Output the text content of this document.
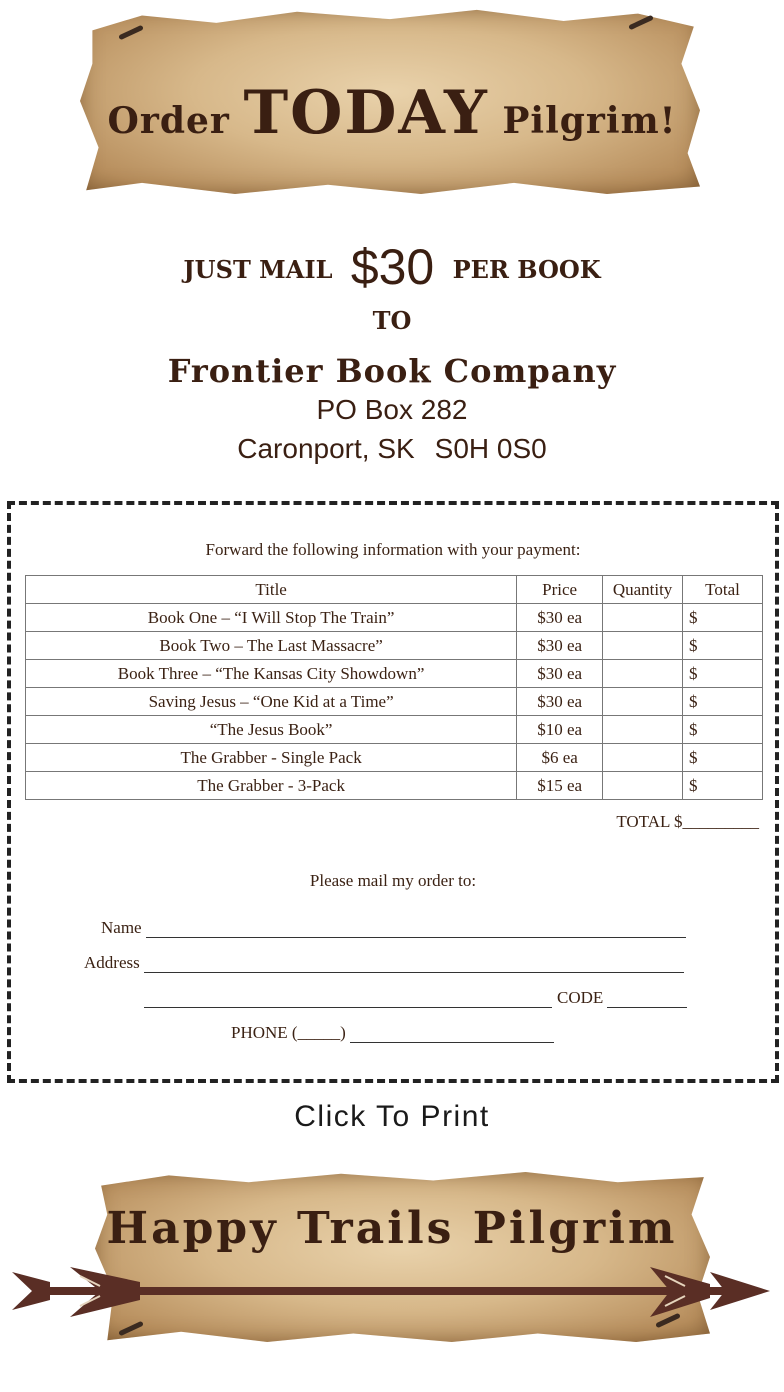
Order TODAY Pilgrim!
JUST MAIL $30 PER BOOK
TO
Frontier Book Company
PO Box 282
Caronport, SK S0H 0S0
Forward the following information with your payment:
Title	Price	Quantity	Total
Book One – “I Will Stop The Train”	$30 ea		$
Book Two – The Last Massacre”	$30 ea		$
Book Three – “The Kansas City Showdown”	$30 ea		$
Saving Jesus – “One Kid at a Time”	$30 ea		$
“The Jesus Book”	$10 ea		$
The Grabber - Single Pack	$6 ea		$
The Grabber - 3-Pack	$15 ea		$
TOTAL $_________
Please mail my order to:
Name
Address
CODE
PHONE (_____)
Click To Print
Happy Trails Pilgrim
